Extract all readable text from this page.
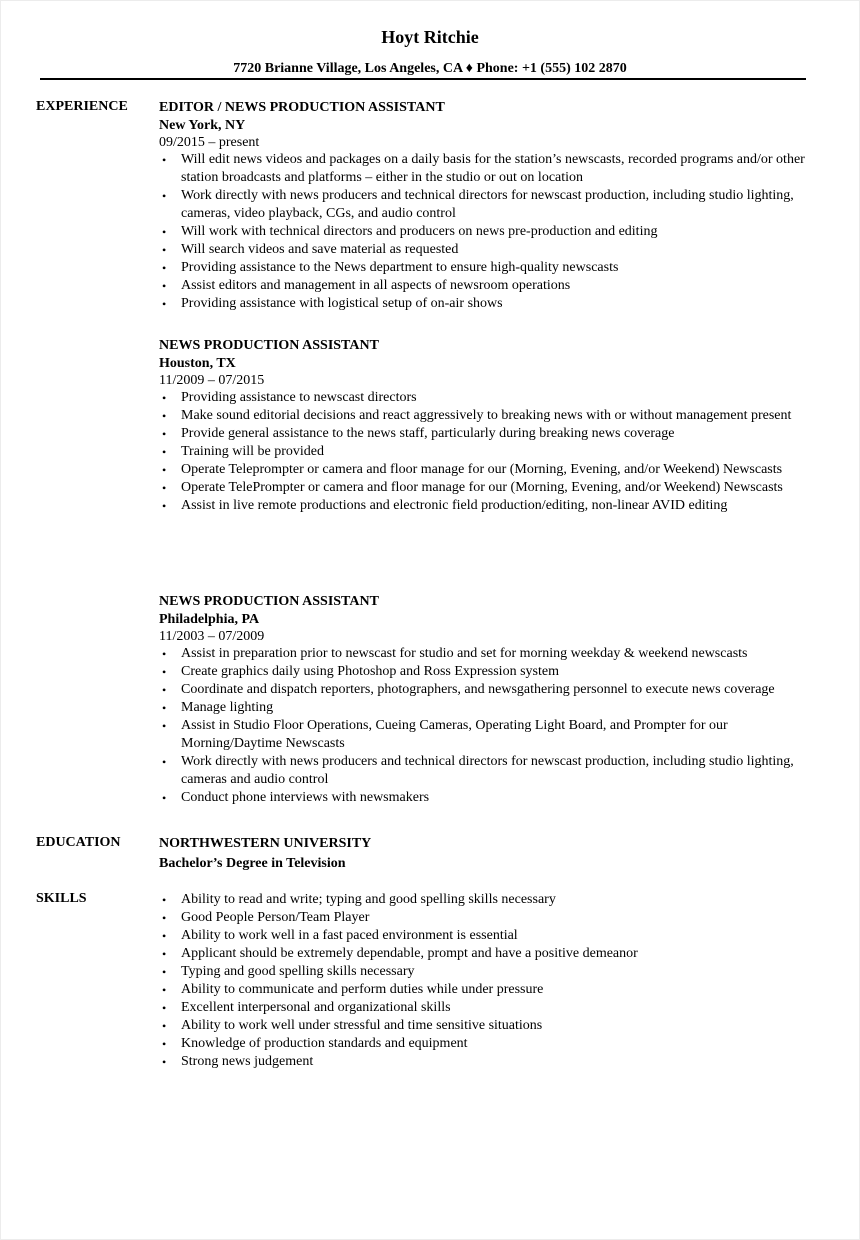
Hoyt Ritchie
7720 Brianne Village, Los Angeles, CA ♦ Phone: +1 (555) 102 2870
EXPERIENCE EDITOR / NEWS PRODUCTION ASSISTANT
New York, NY
09/2015 – present
• Will edit news videos and packages on a daily basis for the station’s newscasts, recorded programs and/or other station broadcasts and platforms – either in the studio or out on location
• Work directly with news producers and technical directors for newscast production, including studio lighting, cameras, video playback, CGs, and audio control
• Will work with technical directors and producers on news pre-production and editing
• Will search videos and save material as requested
• Providing assistance to the News department to ensure high-quality newscasts
• Assist editors and management in all aspects of newsroom operations
• Providing assistance with logistical setup of on-air shows
NEWS PRODUCTION ASSISTANT
Houston, TX
11/2009 – 07/2015
• Providing assistance to newscast directors
• Make sound editorial decisions and react aggressively to breaking news with or without management present
• Provide general assistance to the news staff, particularly during breaking news coverage
• Training will be provided
• Operate Teleprompter or camera and floor manage for our (Morning, Evening, and/or Weekend) Newscasts
• Operate TelePrompter or camera and floor manage for our (Morning, Evening, and/or Weekend) Newscasts
• Assist in live remote productions and electronic field production/editing, non-linear AVID editing
NEWS PRODUCTION ASSISTANT
Philadelphia, PA
11/2003 – 07/2009
• Assist in preparation prior to newscast for studio and set for morning weekday & weekend newscasts
• Create graphics daily using Photoshop and Ross Expression system
• Coordinate and dispatch reporters, photographers, and newsgathering personnel to execute news coverage
• Manage lighting
• Assist in Studio Floor Operations, Cueing Cameras, Operating Light Board, and Prompter for our Morning/Daytime Newscasts
• Work directly with news producers and technical directors for newscast production, including studio lighting, cameras and audio control
• Conduct phone interviews with newsmakers
EDUCATION	NORTHWESTERN UNIVERSITY
Bachelor’s Degree in Television
SKILLS	• Ability to read and write; typing and good spelling skills necessary
• Good People Person/Team Player
• Ability to work well in a fast paced environment is essential
• Applicant should be extremely dependable, prompt and have a positive demeanor
• Typing and good spelling skills necessary
• Ability to communicate and perform duties while under pressure
• Excellent interpersonal and organizational skills
• Ability to work well under stressful and time sensitive situations
• Knowledge of production standards and equipment
• Strong news judgement
